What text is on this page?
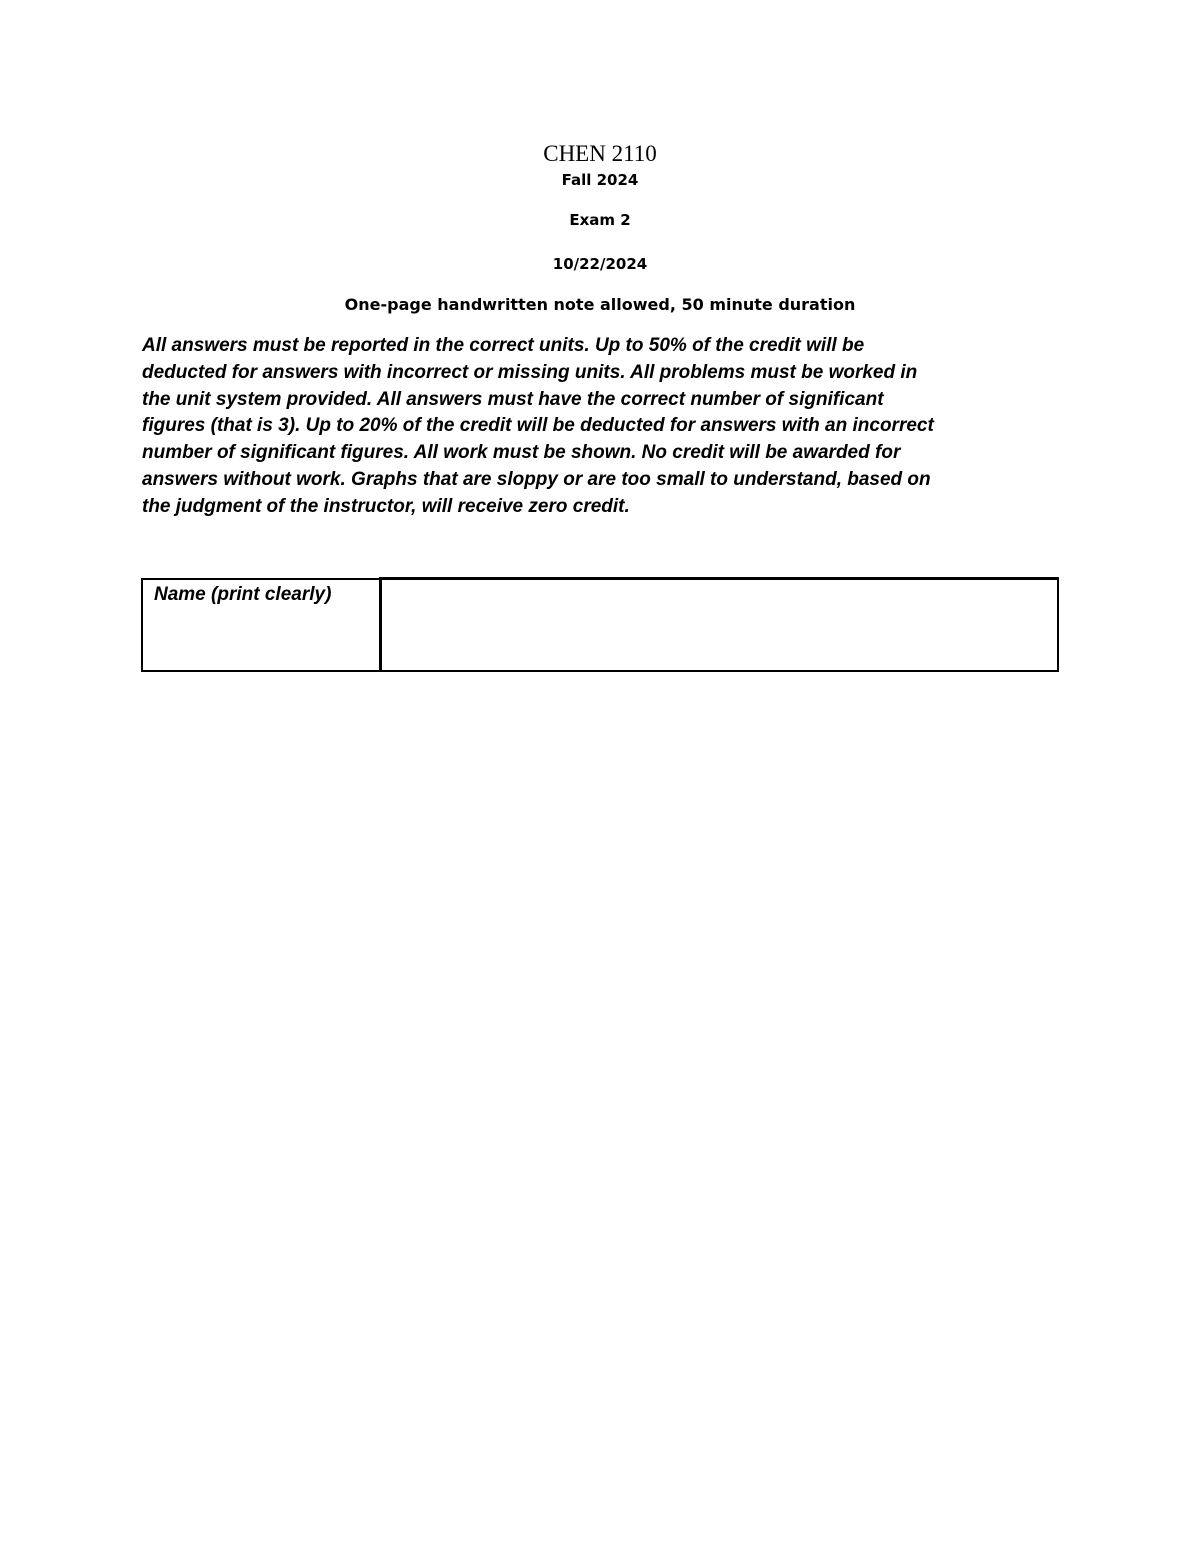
CHEN 2110
Fall 2024
Exam 2
10/22/2024
One-page handwritten note allowed, 50 minute duration
All answers must be reported in the correct units. Up to 50% of the credit will be
deducted for answers with incorrect or missing units. All problems must be worked in
the unit system provided. All answers must have the correct number of significant
figures (that is 3). Up to 20% of the credit will be deducted for answers with an incorrect
number of significant figures. All work must be shown. No credit will be awarded for
answers without work. Graphs that are sloppy or are too small to understand, based on
the judgment of the instructor, will receive zero credit.
Name (print clearly)
